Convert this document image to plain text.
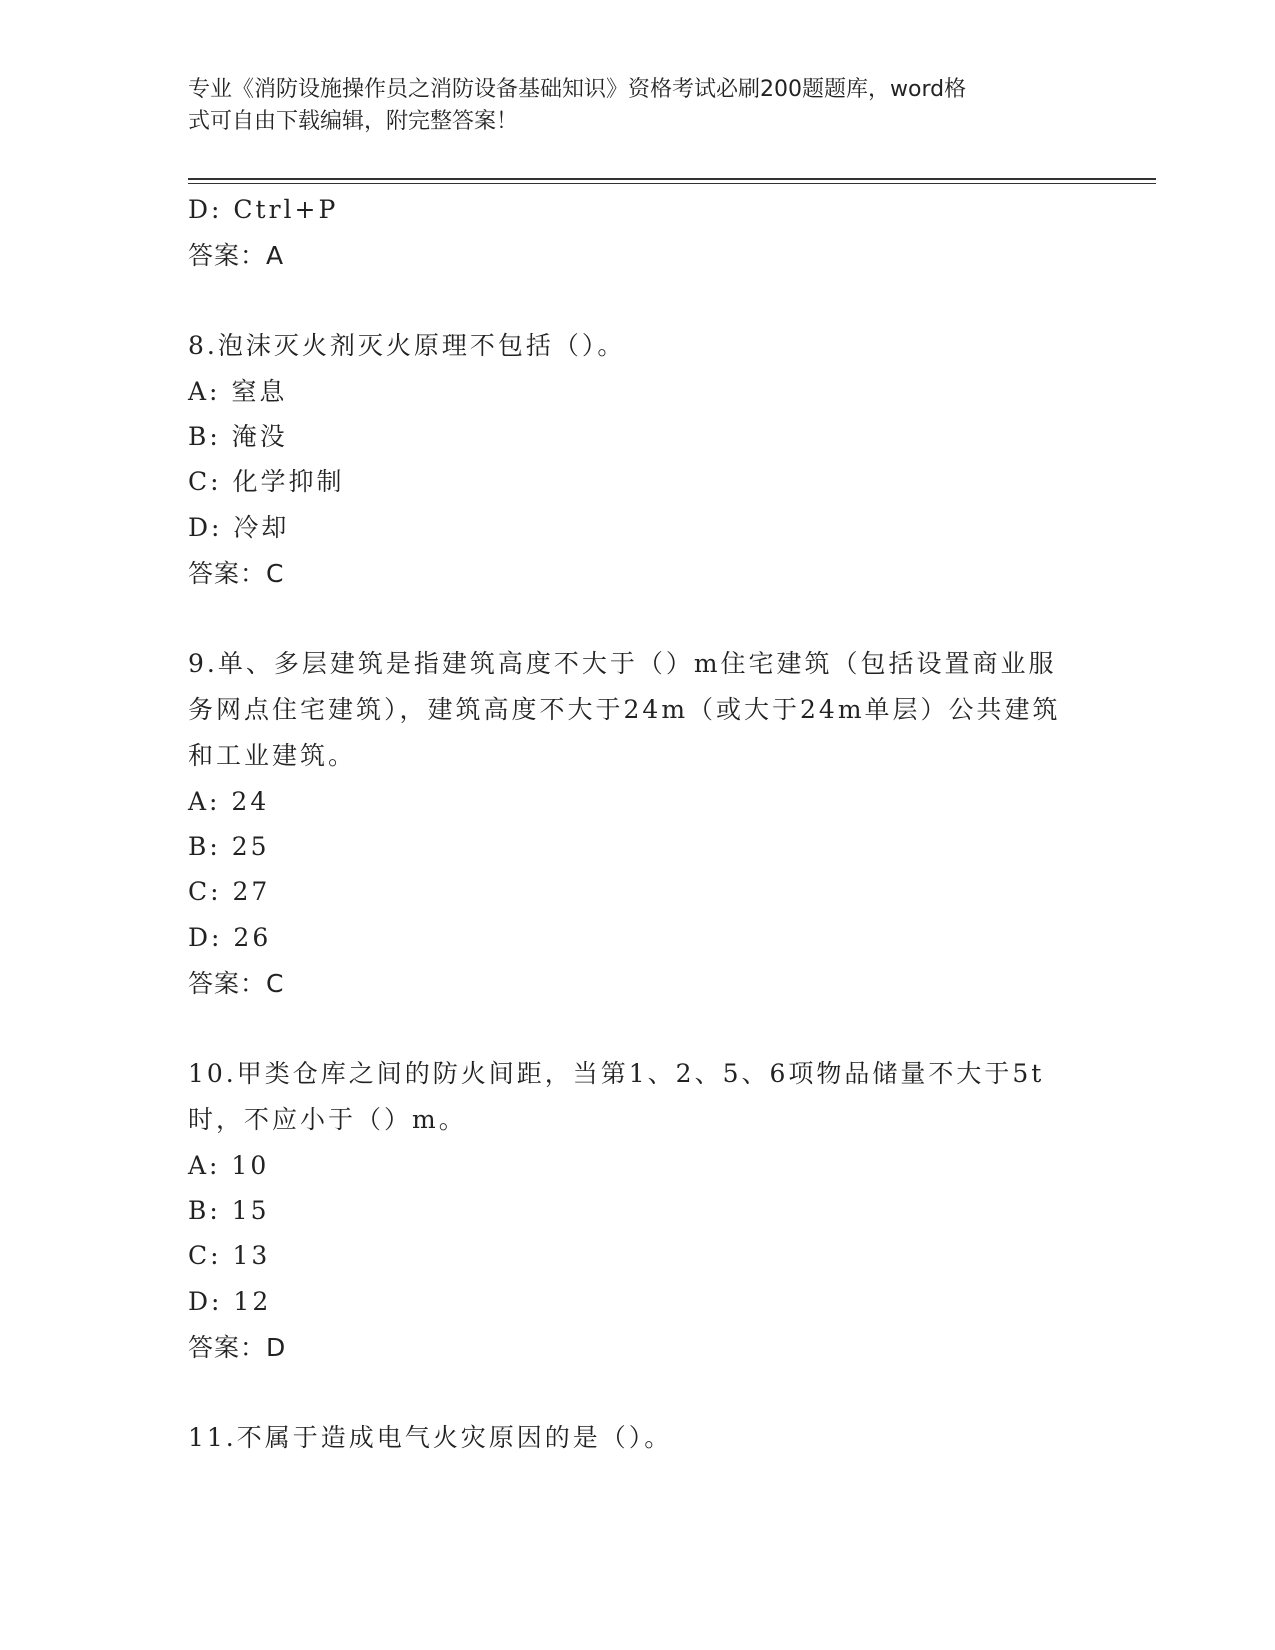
专业《消防设施操作员之消防设备基础知识》资格考试必刷200题题库，word格
式可自由下载编辑，附完整答案！
D: Ctrl+P
答案：A
8.泡沫灭火剂灭火原理不包括（）。
A: 窒息
B: 淹没
C: 化学抑制
D: 冷却
答案：C
9.单、多层建筑是指建筑高度不大于（）m住宅建筑（包括设置商业服
务网点住宅建筑），建筑高度不大于24m（或大于24m单层）公共建筑
和工业建筑。
A: 24
B: 25
C: 27
D: 26
答案：C
10.甲类仓库之间的防火间距，当第1、2、5、6项物品储量不大于5t
时，不应小于（）m。
A: 10
B: 15
C: 13
D: 12
答案：D
11.不属于造成电气火灾原因的是（）。
